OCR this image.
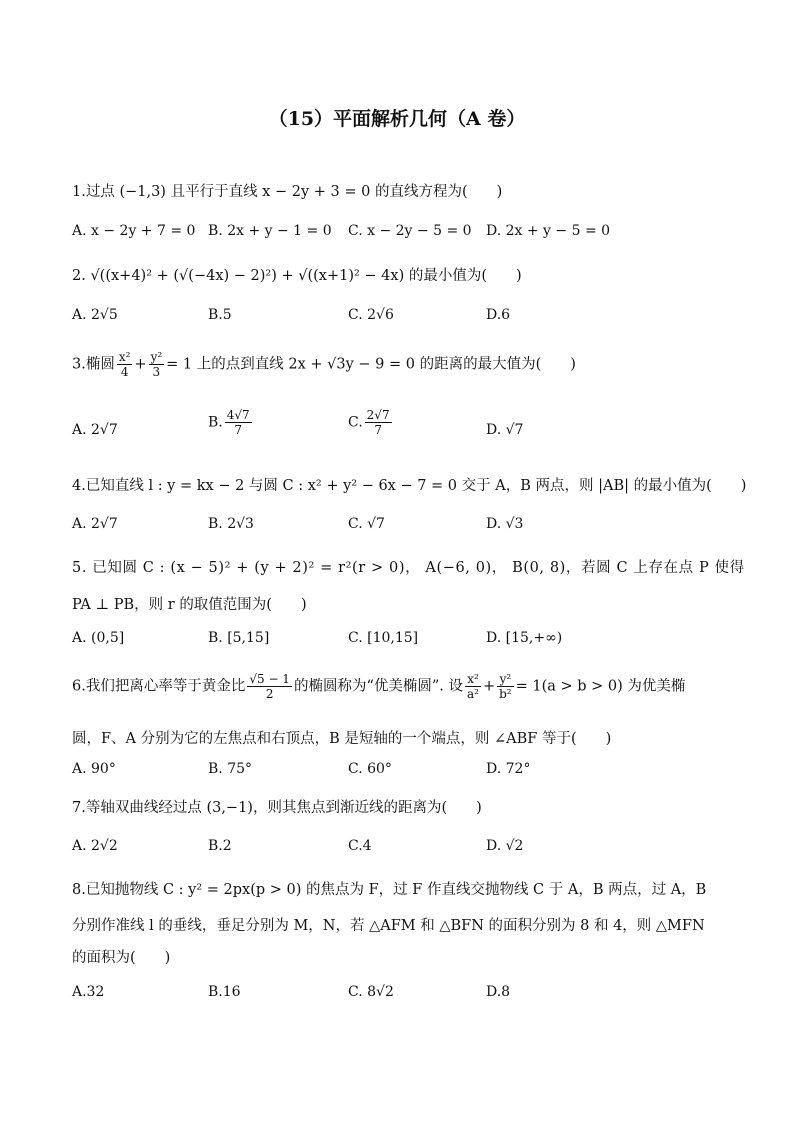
（15）平面解析几何（A 卷）
1.过点 (−1,3) 且平行于直线 x − 2y + 3 = 0 的直线方程为(　　)
A. x − 2y + 7 = 0 B. 2x + y − 1 = 0 C. x − 2y − 5 = 0 D. 2x + y − 5 = 0
2. √((x+4)² + (√(−4x) − 2)²) + √((x+1)² − 4x) 的最小值为(　　)
A. 2√5	B.5	C. 2√6	D.6
3.椭圆 $\frac{\text{x²}}{4} + \frac{\text{y²}}{3} = 1$ 上的点到直线 2x + √3y − 9 = 0 的距离的最大值为(　　)
A. 2√7	B. $\frac{4√7}{7}$	C. $\frac{2√7}{7}$	D. √7
4.已知直线 l : y = kx − 2 与圆 C : x² + y² − 6x − 7 = 0 交于 A，B 两点，则 |AB| 的最小值为(　　)
A. 2√7	B. 2√3	C. √7	D. √3
5. 已知圆 C : (x − 5)² + (y + 2)² = r²(r > 0)， A(−6, 0)， B(0, 8)，若圆 C 上存在点 P 使得
PA ⊥ PB，则 r 的取值范围为(　　)
A. (0,5]	B. [5,15]	C. [10,15]	D. [15,+∞)
6.我们把离心率等于黄金比 $\frac{√5 - 1}{2}$ 的椭圆称为“优美椭圆”. 设 $\frac{\text{x²}}{\text{a²}} + \frac{\text{y²}}{\text{b²}} = 1(a > b > 0)$ 为优美椭
圆，F、A 分别为它的左焦点和右顶点，B 是短轴的一个端点，则 ∠ABF 等于(　　)
A. 90°	B. 75°	C. 60°	D. 72°
7.等轴双曲线经过点 (3,−1)，则其焦点到渐近线的距离为(　　)
A. 2√2	B.2	C.4	D. √2
8.已知抛物线 C : y² = 2px(p > 0) 的焦点为 F，过 F 作直线交抛物线 C 于 A，B 两点，过 A，B
分别作准线 l 的垂线，垂足分别为 M，N，若 △AFM 和 △BFN 的面积分别为 8 和 4，则 △MFN
的面积为(　　)
A.32	B.16	C. 8√2	D.8
